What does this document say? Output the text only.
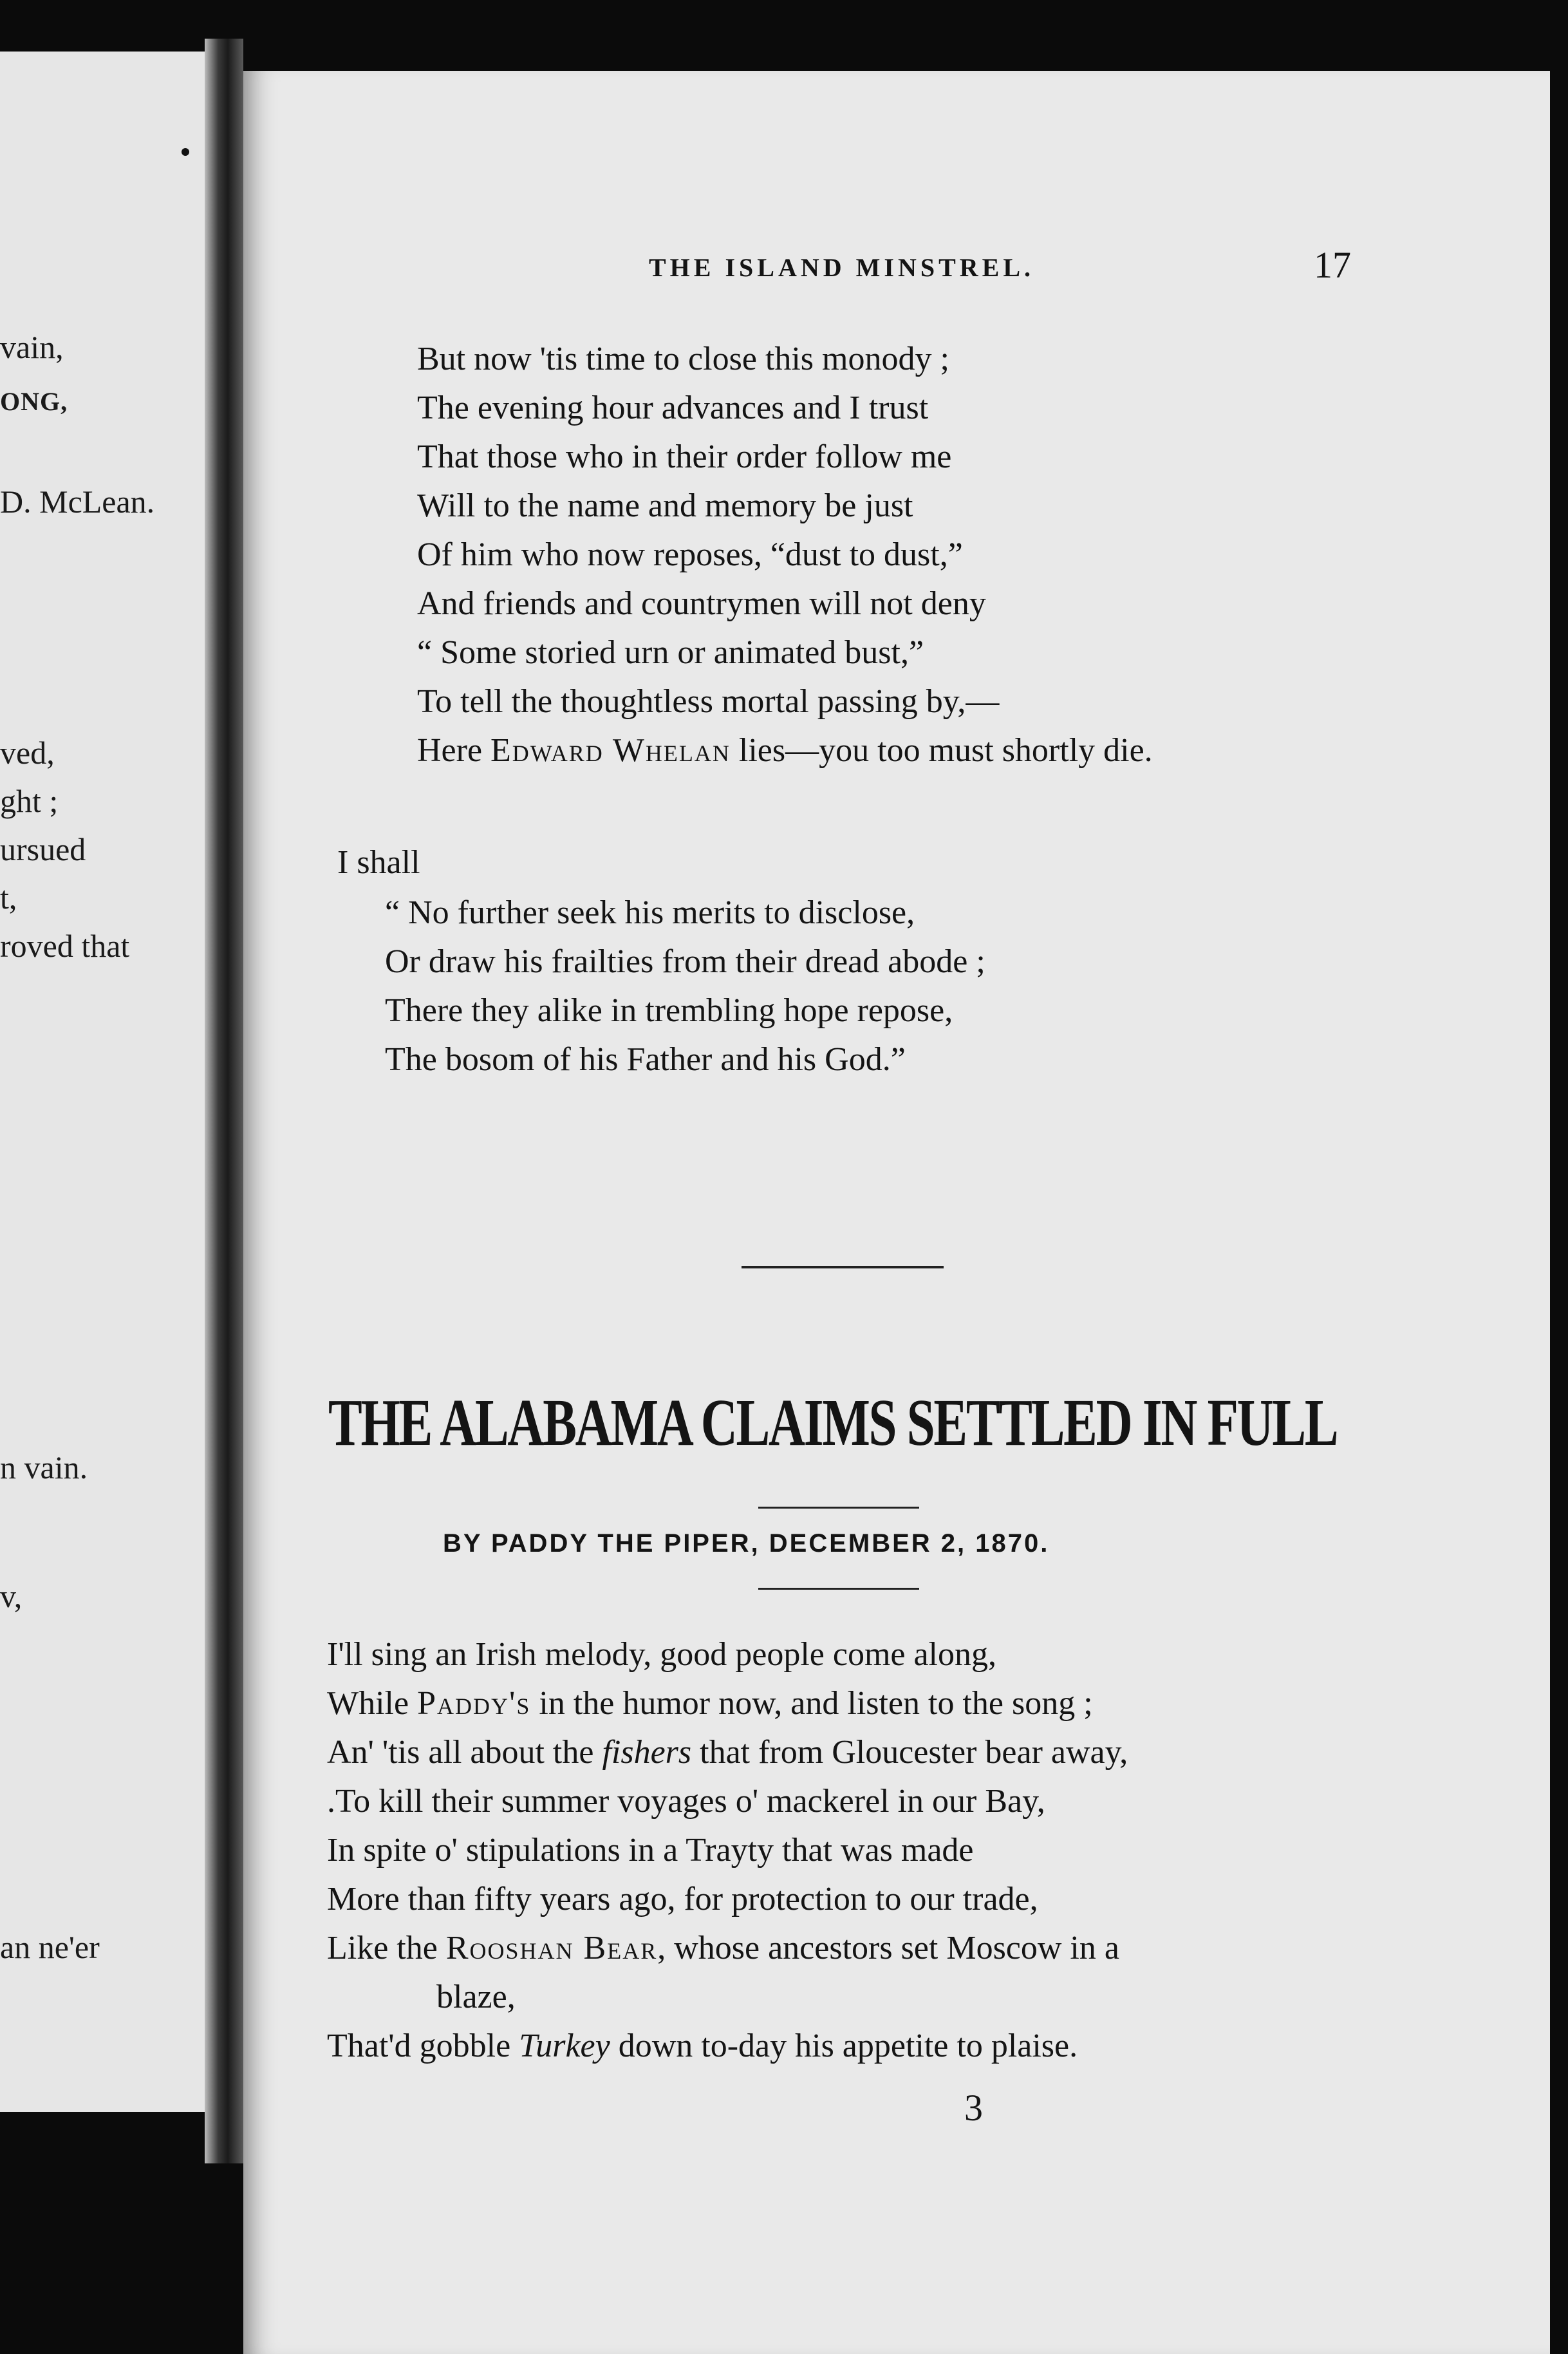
vain,
ONG,
D. McLean.
ved,
ght ;
ursued
t,
roved that
n vain.
v,
an ne'er
THE ISLAND MINSTREL.	17
But now 'tis time to close this monody ;
The evening hour advances and I trust
That those who in their order follow me
Will to the name and memory be just
Of him who now reposes, “dust to dust,”
And friends and countrymen will not deny
“ Some storied urn or animated bust,”
To tell the thoughtless mortal passing by,—
Here Edward Whelan lies—you too must shortly die.
I shall
“ No further seek his merits to disclose,
Or draw his frailties from their dread abode ;
There they alike in trembling hope repose,
The bosom of his Father and his God.”
THE ALABAMA CLAIMS SETTLED IN FULL
BY PADDY THE PIPER, DECEMBER 2, 1870.
I'll sing an Irish melody, good people come along,
While Paddy's in the humor now, and listen to the song ;
An' 'tis all about the fishers that from Gloucester bear away,
.To kill their summer voyages o' mackerel in our Bay,
In spite o' stipulations in a Trayty that was made
More than fifty years ago, for protection to our trade,
Like the Rooshan Bear, whose ancestors set Moscow in a
blaze,
That'd gobble Turkey down to-day his appetite to plaise.
3
